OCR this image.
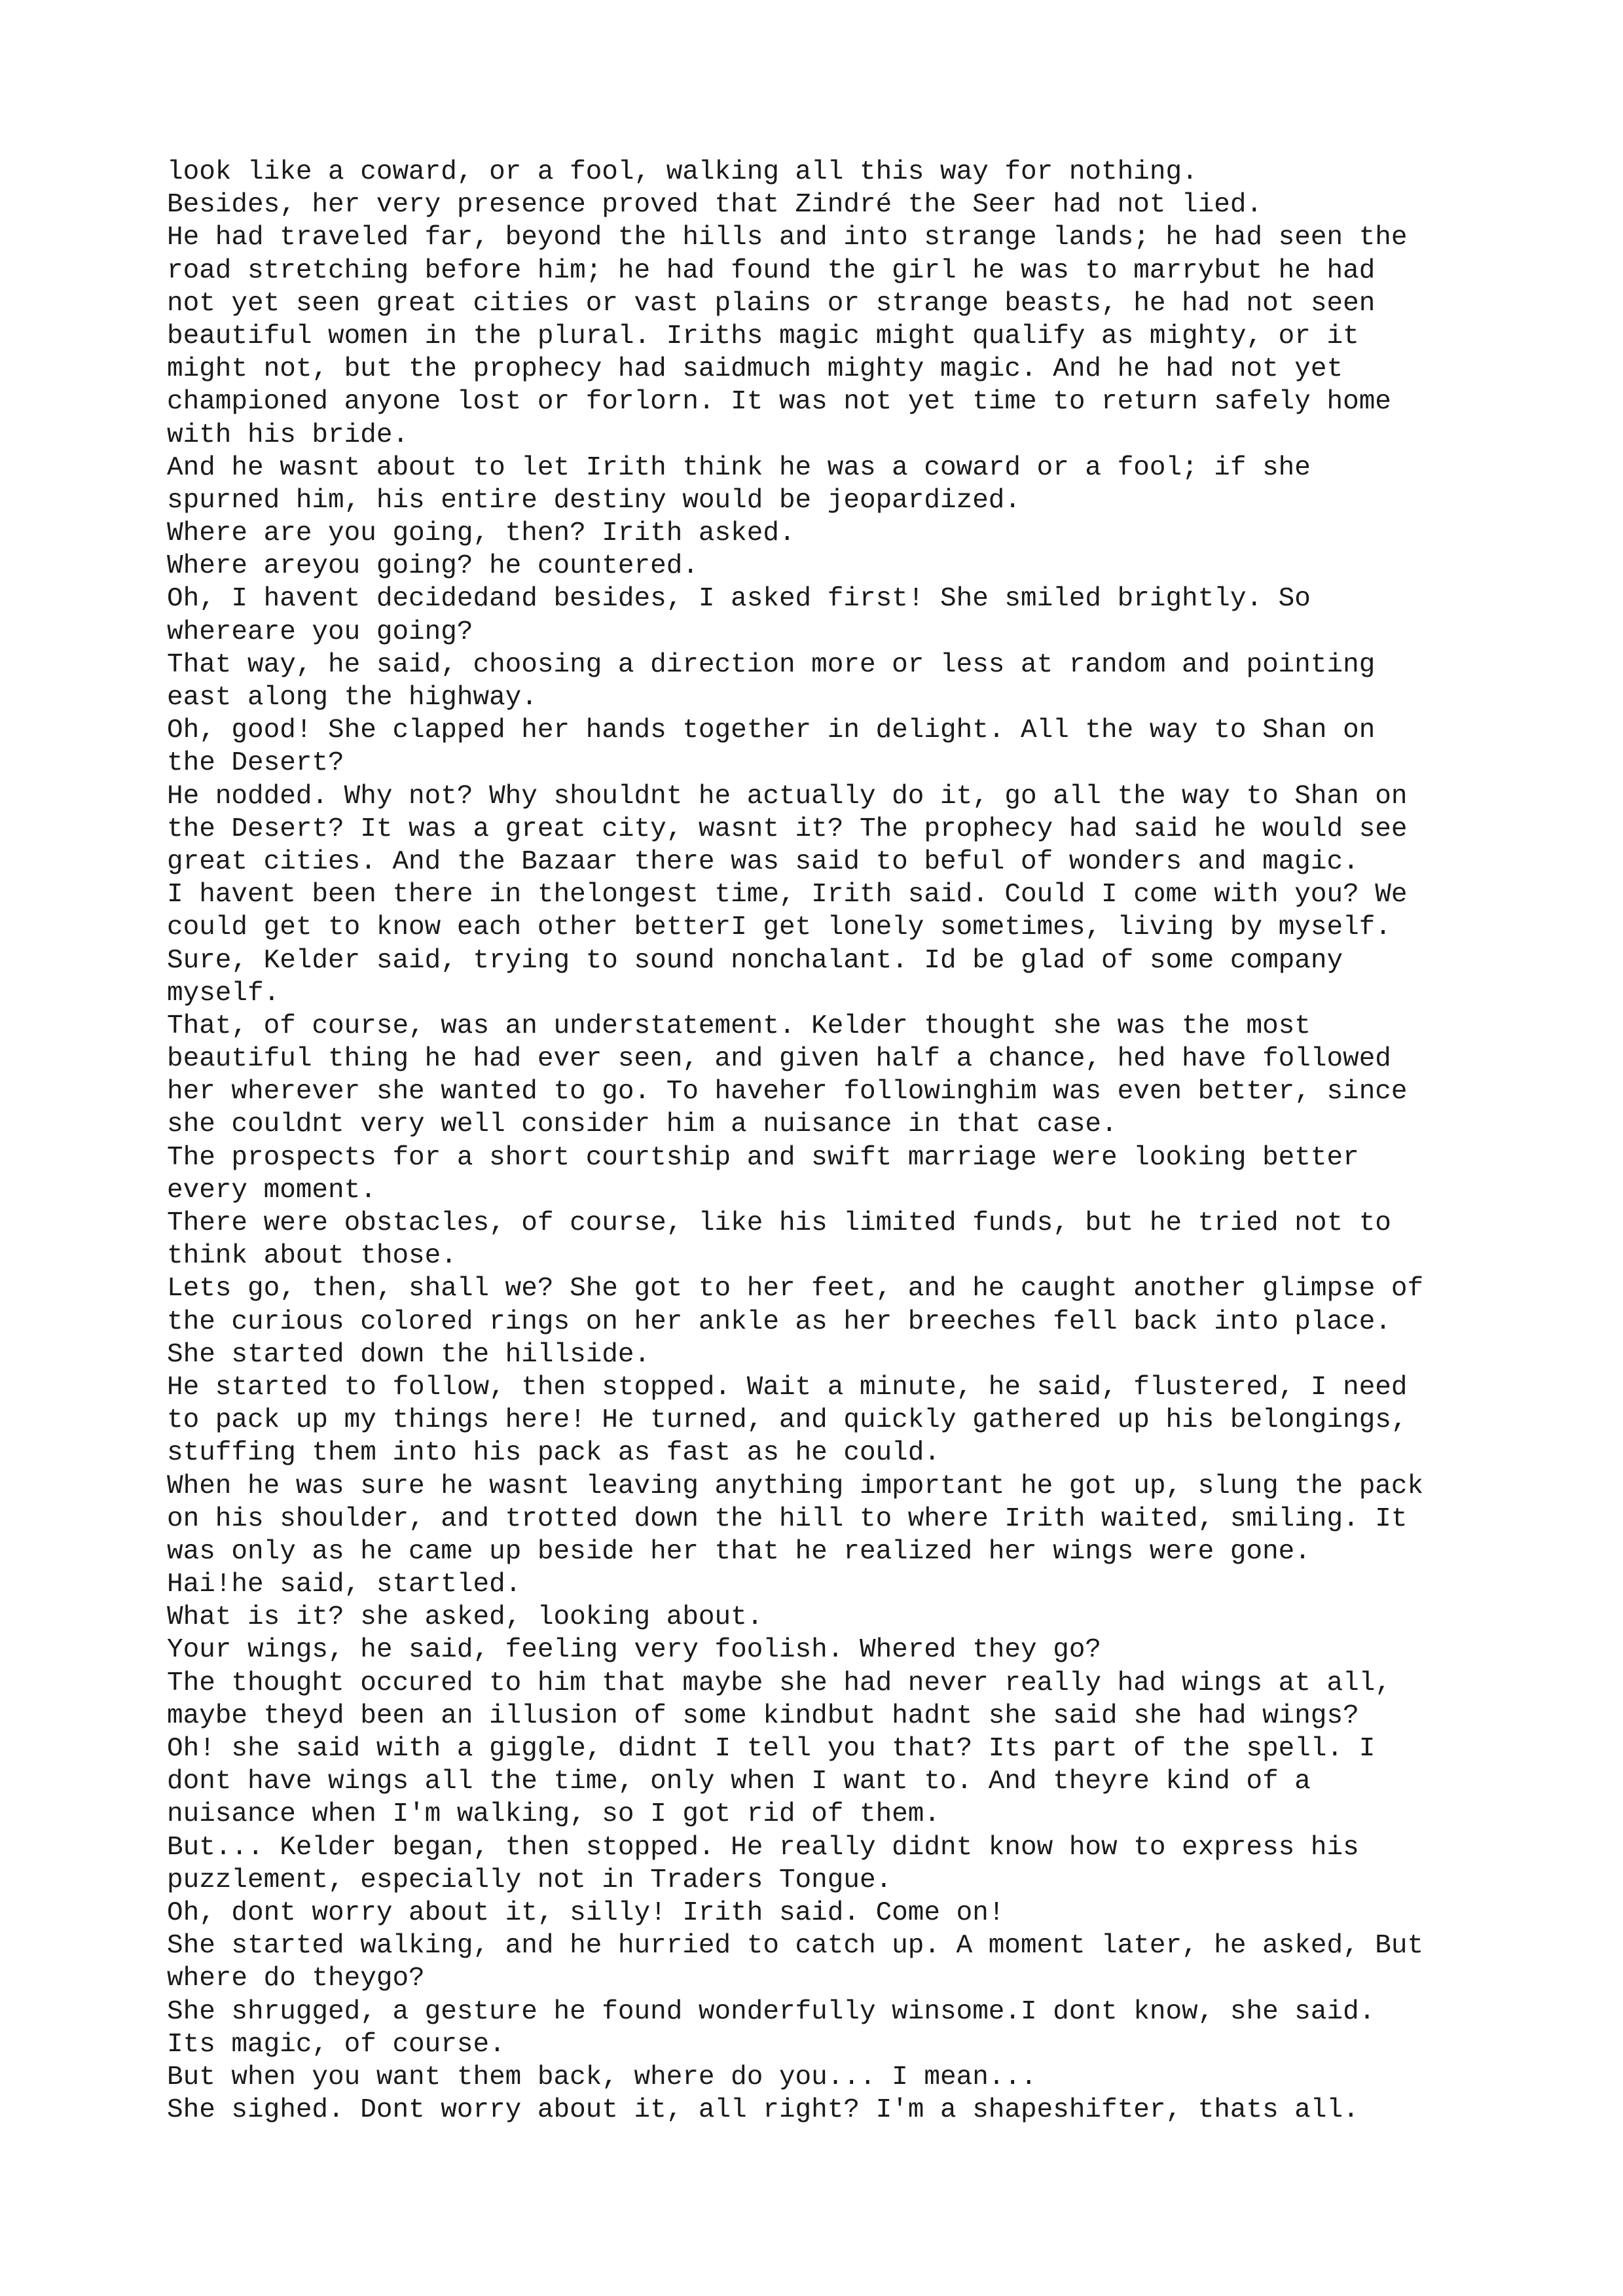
look like a coward, or a fool, walking all this way for nothing.

Besides, her very presence proved that Zindré the Seer had not lied.

He had traveled far, beyond the hills and into strange lands; he had seen the

road stretching before him; he had found the girl he was to marrybut he had

not yet seen great cities or vast plains or strange beasts, he had not seen

beautiful women in the plural. Iriths magic might qualify as mighty, or it

might not, but the prophecy had saidmuch mighty magic. And he had not yet

championed anyone lost or forlorn. It was not yet time to return safely home

with his bride.

And he wasnt about to let Irith think he was a coward or a fool; if she

spurned him, his entire destiny would be jeopardized.

Where are you going, then? Irith asked.

Where areyou going? he countered.

Oh, I havent decidedand besides, I asked first! She smiled brightly. So

whereare you going?

That way, he said, choosing a direction more or less at random and pointing

east along the highway.

Oh, good! She clapped her hands together in delight. All the way to Shan on

the Desert?

He nodded. Why not? Why shouldnt he actually do it, go all the way to Shan on

the Desert? It was a great city, wasnt it? The prophecy had said he would see

great cities. And the Bazaar there was said to beful of wonders and magic.

I havent been there in thelongest time, Irith said. Could I come with you? We

could get to know each other betterI get lonely sometimes, living by myself.

Sure, Kelder said, trying to sound nonchalant. Id be glad of some company

myself.

That, of course, was an understatement. Kelder thought she was the most

beautiful thing he had ever seen, and given half a chance, hed have followed

her wherever she wanted to go. To haveher followinghim was even better, since

she couldnt very well consider him a nuisance in that case.

The prospects for a short courtship and swift marriage were looking better

every moment.

There were obstacles, of course, like his limited funds, but he tried not to

think about those.

Lets go, then, shall we? She got to her feet, and he caught another glimpse of

the curious colored rings on her ankle as her breeches fell back into place.

She started down the hillside.

He started to follow, then stopped. Wait a minute, he said, flustered, I need

to pack up my things here! He turned, and quickly gathered up his belongings,

stuffing them into his pack as fast as he could.

When he was sure he wasnt leaving anything important he got up, slung the pack

on his shoulder, and trotted down the hill to where Irith waited, smiling. It

was only as he came up beside her that he realized her wings were gone.

Hai!he said, startled.

What is it? she asked, looking about.

Your wings, he said, feeling very foolish. Whered they go?

The thought occured to him that maybe she had never really had wings at all,

maybe theyd been an illusion of some kindbut hadnt she said she had wings?

Oh! she said with a giggle, didnt I tell you that? Its part of the spell. I

dont have wings all the time, only when I want to. And theyre kind of a

nuisance when I'm walking, so I got rid of them.

But... Kelder began, then stopped. He really didnt know how to express his

puzzlement, especially not in Traders Tongue.

Oh, dont worry about it, silly! Irith said. Come on!

She started walking, and he hurried to catch up. A moment later, he asked, But

where do theygo?

She shrugged, a gesture he found wonderfully winsome.I dont know, she said.

Its magic, of course.

But when you want them back, where do you... I mean...

She sighed. Dont worry about it, all right? I'm a shapeshifter, thats all.
